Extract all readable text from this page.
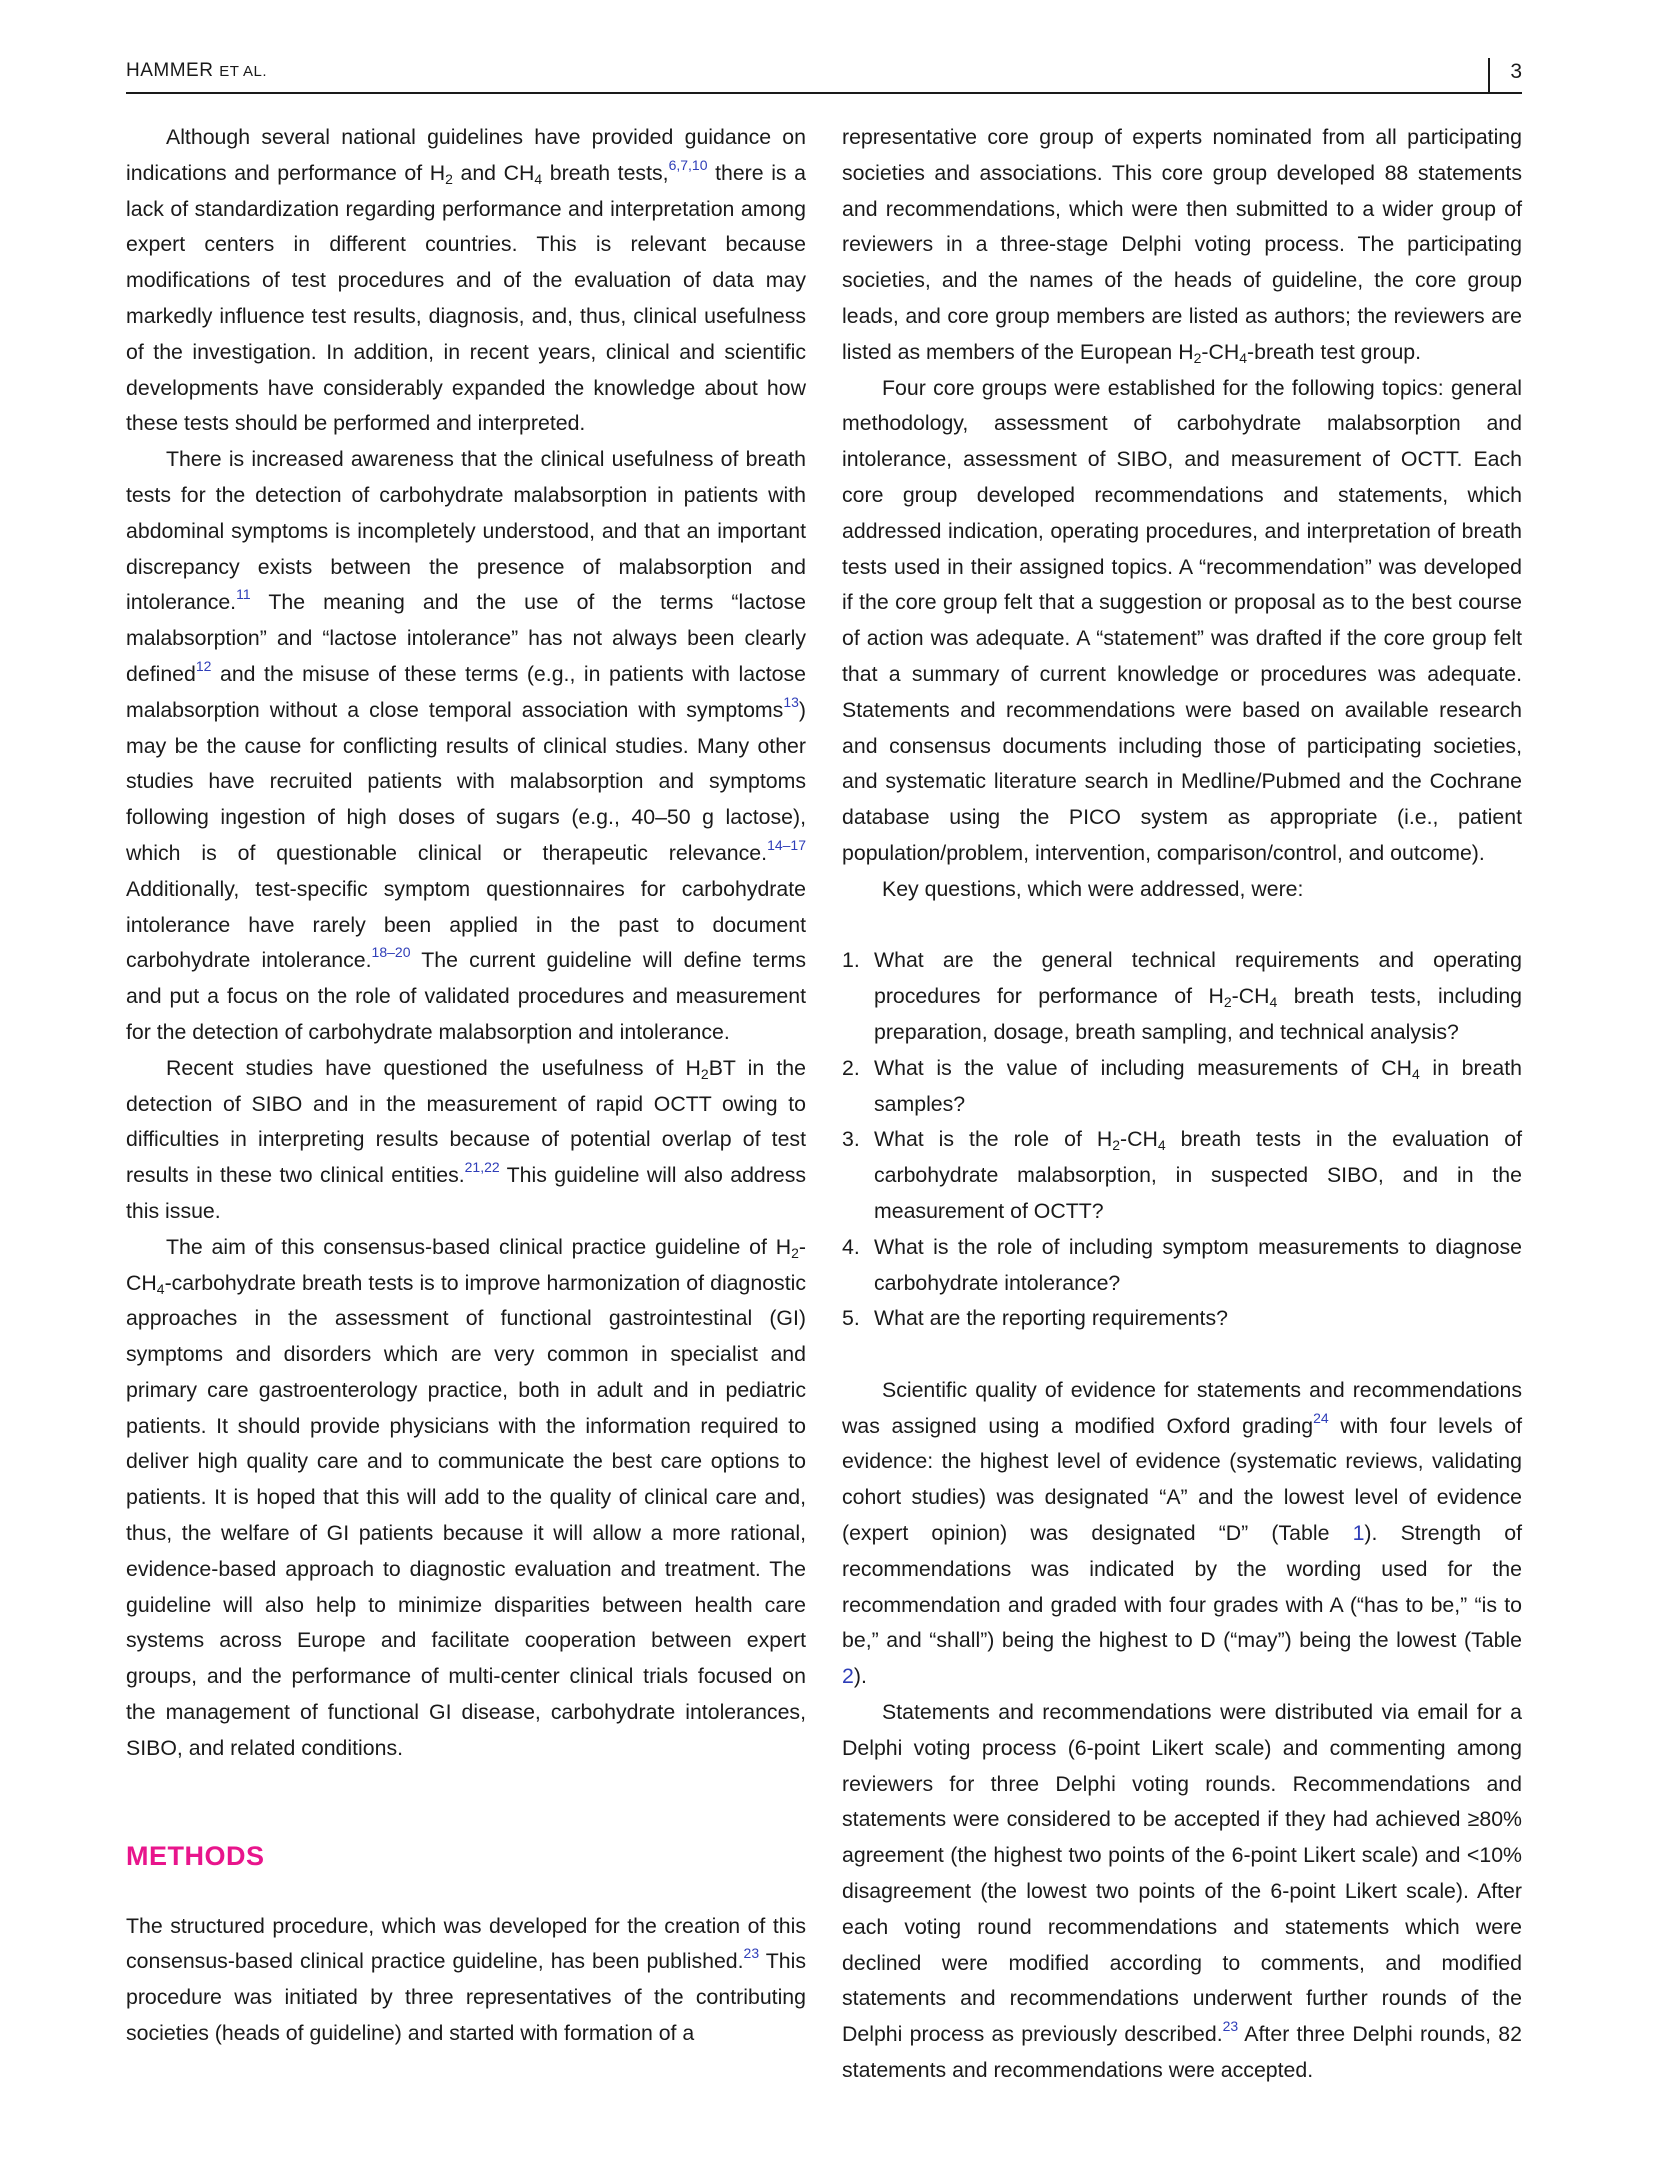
HAMMER ET AL.	3

Although several national guidelines have provided guidance on indications and performance of $H_2$ and $CH_4$ breath tests,$^{6,7,10}$ there is a lack of standardization regarding performance and interpretation among expert centers in different countries. This is relevant because modifications of test procedures and of the evaluation of data may markedly influence test results, diagnosis, and, thus, clinical usefulness of the investigation. In addition, in recent years, clinical and scientific developments have considerably expanded the knowledge about how these tests should be performed and interpreted.

There is increased awareness that the clinical usefulness of breath tests for the detection of carbohydrate malabsorption in patients with abdominal symptoms is incompletely understood, and that an important discrepancy exists between the presence of malabsorption and intolerance.$^{11}$ The meaning and the use of the terms “lactose malabsorption” and “lactose intolerance” has not always been clearly defined$^{12}$ and the misuse of these terms (e.g., in patients with lactose malabsorption without a close temporal association with symptoms$^{13}$) may be the cause for conflicting results of clinical studies. Many other studies have recruited patients with malabsorption and symptoms following ingestion of high doses of sugars (e.g., 40–50 g lactose), which is of questionable clinical or therapeutic relevance.$^{14-17}$ Additionally, test-specific symptom questionnaires for carbohydrate intolerance have rarely been applied in the past to document carbohydrate intolerance.$^{18-20}$ The current guideline will define terms and put a focus on the role of validated procedures and measurement for the detection of carbohydrate malabsorption and intolerance.

Recent studies have questioned the usefulness of $H_2BT$ in the detection of SIBO and in the measurement of rapid OCTT owing to difficulties in interpreting results because of potential overlap of test results in these two clinical entities.$^{21,22}$ This guideline will also address this issue.

The aim of this consensus-based clinical practice guideline of $H_2-CH_4$-carbohydrate breath tests is to improve harmonization of diagnostic approaches in the assessment of functional gastrointestinal (GI) symptoms and disorders which are very common in specialist and primary care gastroenterology practice, both in adult and in pediatric patients. It should provide physicians with the information required to deliver high quality care and to communicate the best care options to patients. It is hoped that this will add to the quality of clinical care and, thus, the welfare of GI patients because it will allow a more rational, evidence-based approach to diagnostic evaluation and treatment. The guideline will also help to minimize disparities between health care systems across Europe and facilitate cooperation between expert groups, and the performance of multi-center clinical trials focused on the management of functional GI disease, carbohydrate intolerances, SIBO, and related conditions.

METHODS

The structured procedure, which was developed for the creation of this consensus-based clinical practice guideline, has been published.$^{23}$ This procedure was initiated by three representatives of the contributing societies (heads of guideline) and started with formation of a

representative core group of experts nominated from all participating societies and associations. This core group developed 88 statements and recommendations, which were then submitted to a wider group of reviewers in a three-stage Delphi voting process. The participating societies, and the names of the heads of guideline, the core group leads, and core group members are listed as authors; the reviewers are listed as members of the European $H_2-CH_4$-breath test group.

Four core groups were established for the following topics: general methodology, assessment of carbohydrate malabsorption and intolerance, assessment of SIBO, and measurement of OCTT. Each core group developed recommendations and statements, which addressed indication, operating procedures, and interpretation of breath tests used in their assigned topics. A “recommendation” was developed if the core group felt that a suggestion or proposal as to the best course of action was adequate. A “statement” was drafted if the core group felt that a summary of current knowledge or procedures was adequate. Statements and recommendations were based on available research and consensus documents including those of participating societies, and systematic literature search in Medline/Pubmed and the Cochrane database using the PICO system as appropriate (i.e., patient population/problem, intervention, comparison/control, and outcome).

Key questions, which were addressed, were:

1. What are the general technical requirements and operating procedures for performance of $H_2-CH_4$ breath tests, including preparation, dosage, breath sampling, and technical analysis?
2. What is the value of including measurements of $CH_4$ in breath samples?
3. What is the role of $H_2-CH_4$ breath tests in the evaluation of carbohydrate malabsorption, in suspected SIBO, and in the measurement of OCTT?
4. What is the role of including symptom measurements to diagnose carbohydrate intolerance?
5. What are the reporting requirements?

Scientific quality of evidence for statements and recommendations was assigned using a modified Oxford grading$^{24}$ with four levels of evidence: the highest level of evidence (systematic reviews, validating cohort studies) was designated “A” and the lowest level of evidence (expert opinion) was designated “D” (Table 1). Strength of recommendations was indicated by the wording used for the recommendation and graded with four grades with A (“has to be,” “is to be,” and “shall”) being the highest to D (“may”) being the lowest (Table 2).

Statements and recommendations were distributed via email for a Delphi voting process (6-point Likert scale) and commenting among reviewers for three Delphi voting rounds. Recommendations and statements were considered to be accepted if they had achieved ≥80% agreement (the highest two points of the 6-point Likert scale) and <10% disagreement (the lowest two points of the 6-point Likert scale). After each voting round recommendations and statements which were declined were modified according to comments, and modified statements and recommendations underwent further rounds of the Delphi process as previously described.$^{23}$ After three Delphi rounds, 82 statements and recommendations were accepted.
